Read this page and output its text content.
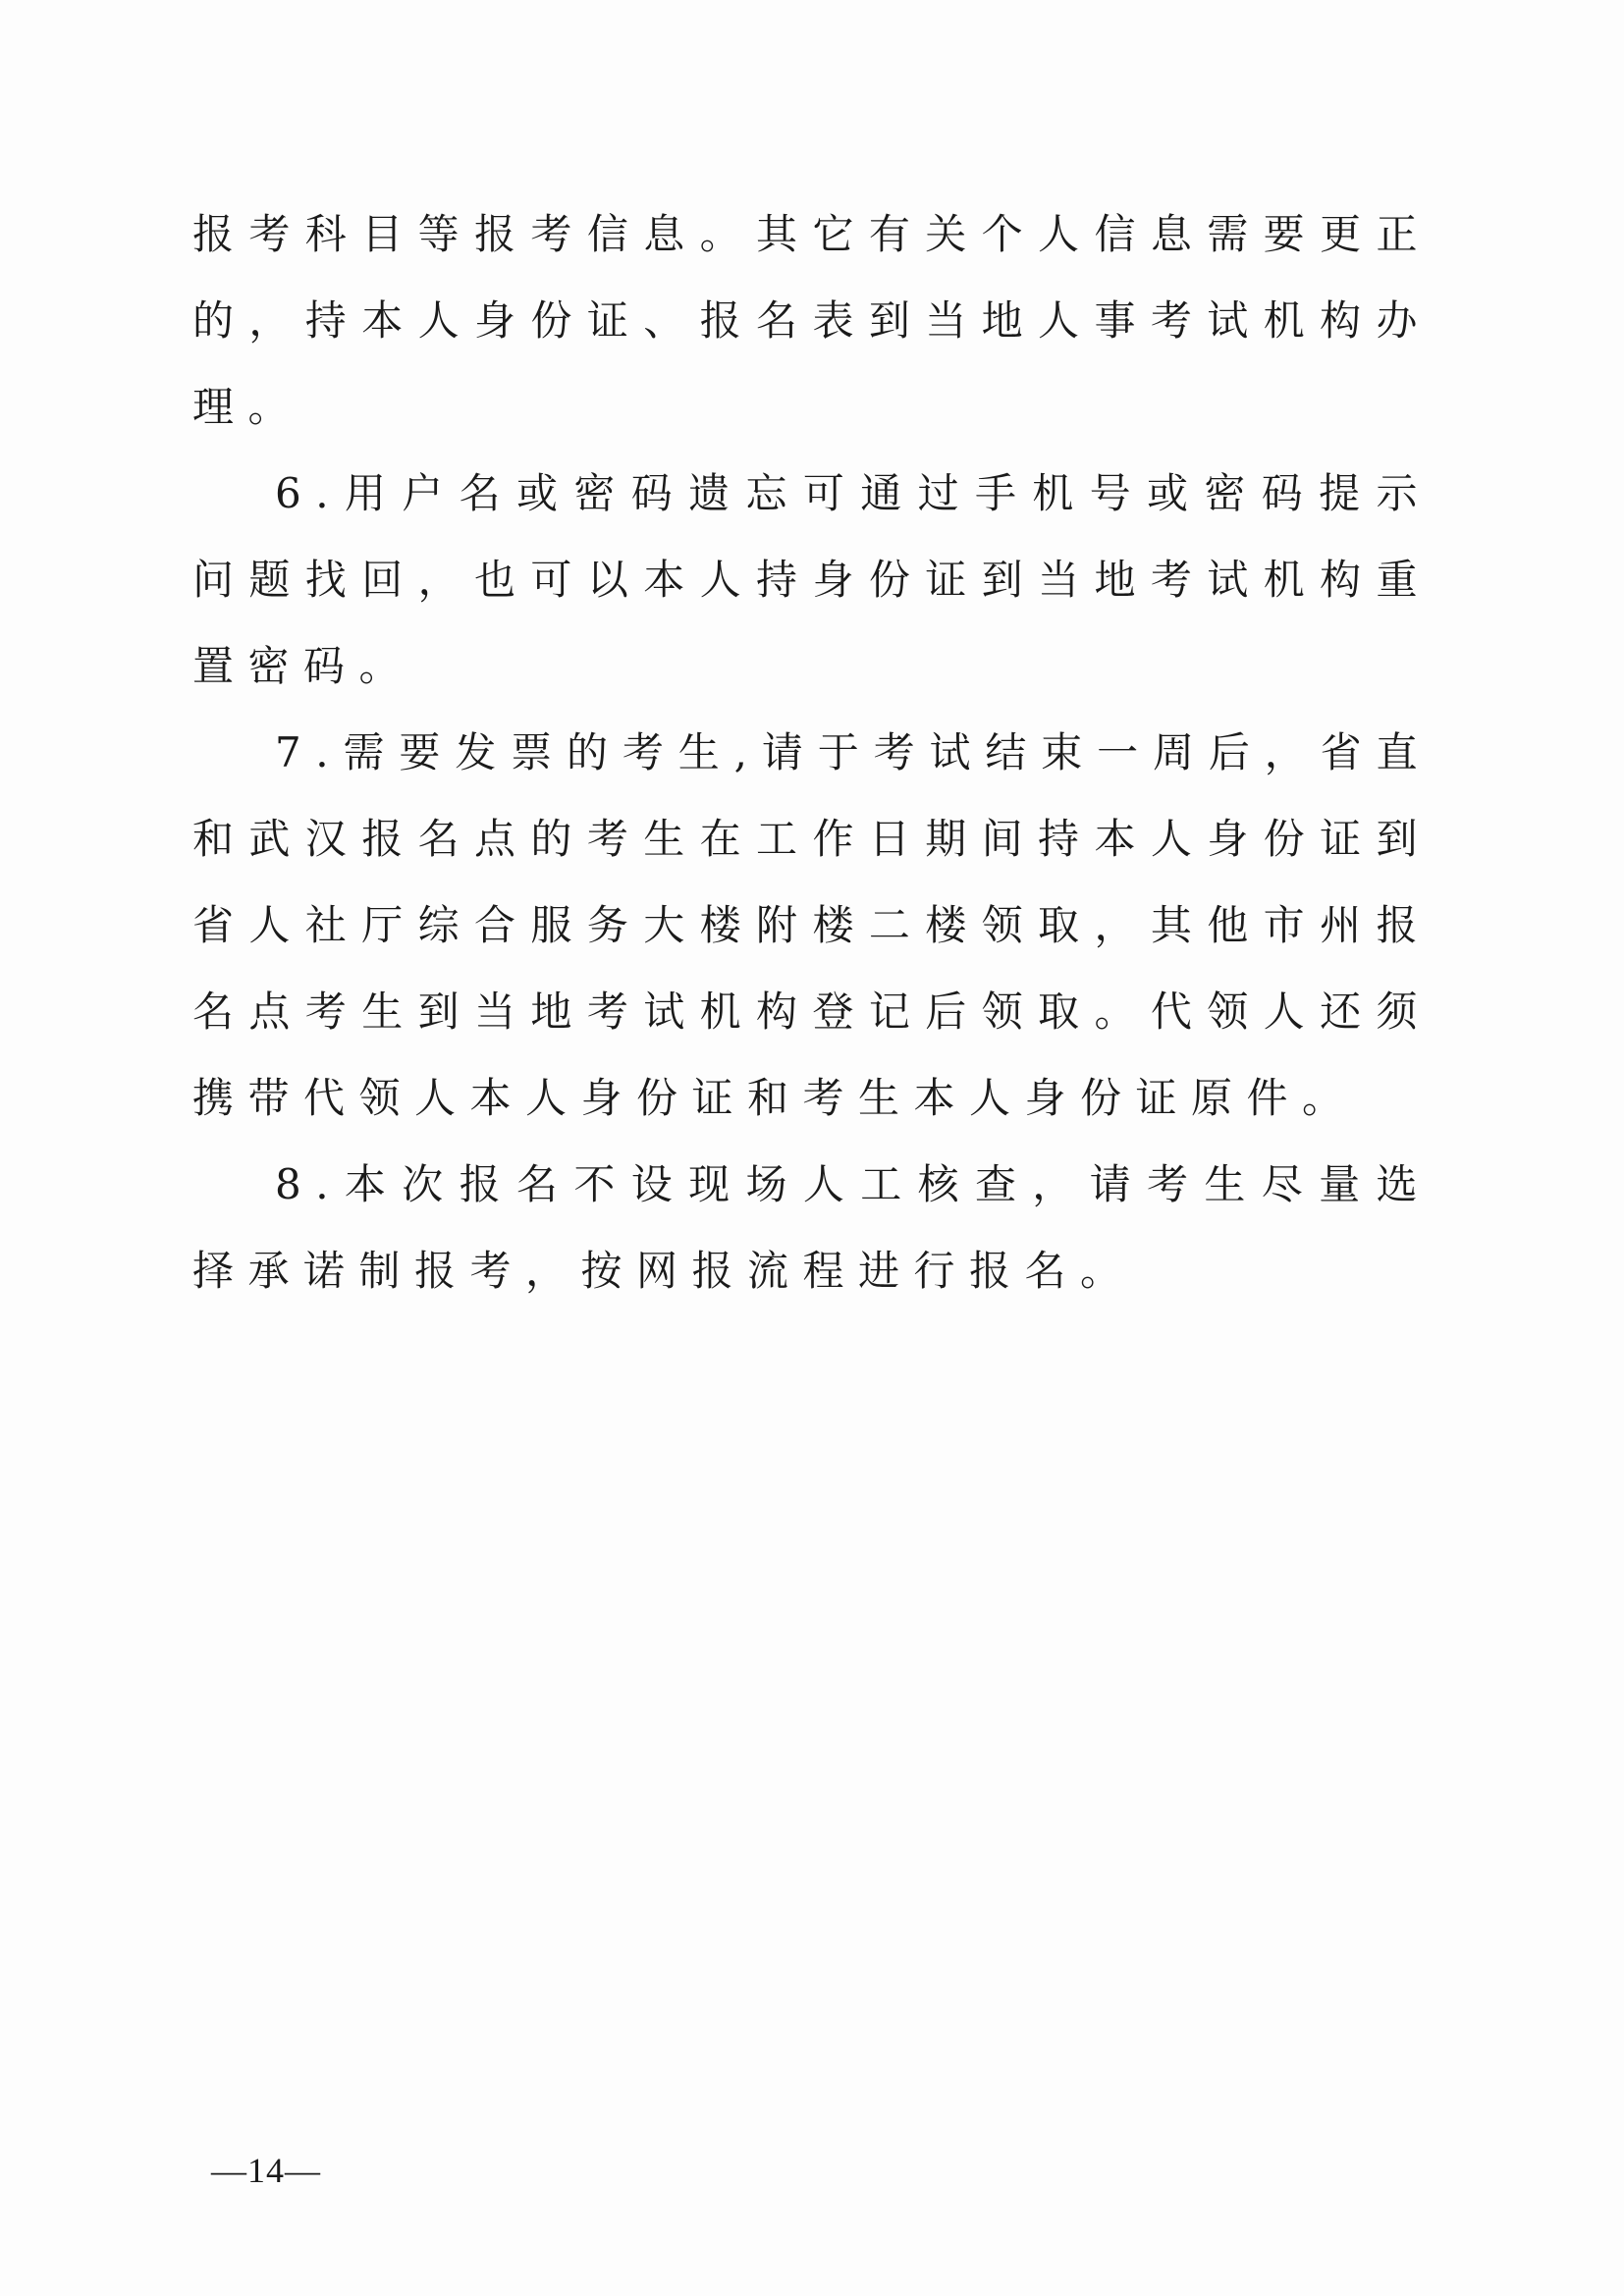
报考科目等报考信息。其它有关个人信息需要更正的，持本人身份证、报名表到当地人事考试机构办理。

6.用户名或密码遗忘可通过手机号或密码提示问题找回，也可以本人持身份证到当地考试机构重置密码。

7.需要发票的考生,请于考试结束一周后，省直和武汉报名点的考生在工作日期间持本人身份证到省人社厅综合服务大楼附楼二楼领取，其他市州报名点考生到当地考试机构登记后领取。代领人还须携带代领人本人身份证和考生本人身份证原件。

8.本次报名不设现场人工核查，请考生尽量选择承诺制报考，按网报流程进行报名。

—14—
